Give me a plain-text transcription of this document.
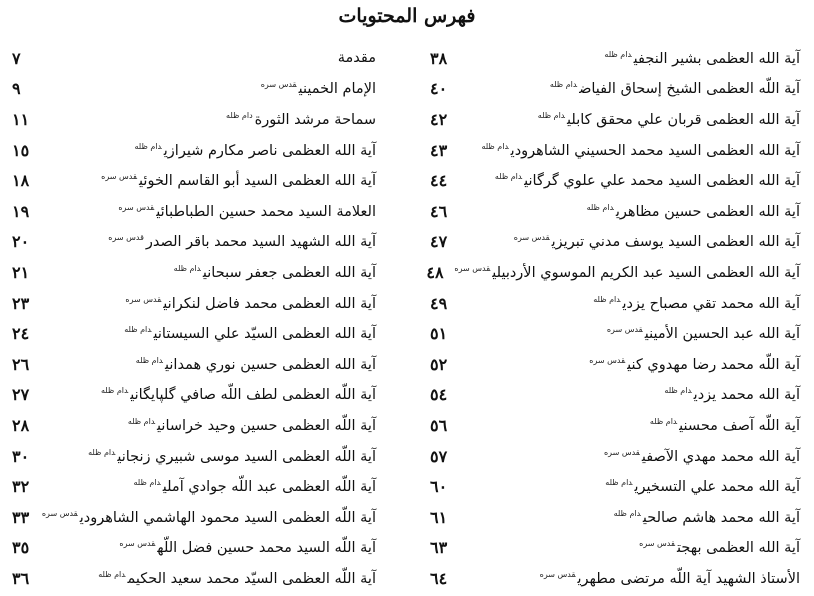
فهرس المحتويات
آية الله العظمى بشير النجفي$^{دام ظله}$
٣٨
آية اللّه العظمى الشيخ إسحاق الفياض$^{دام ظله}$
٤٠
آية الله العظمى قربان علي محقق كابلي$^{دام ظله}$
٤٢
آية الله العظمى السيد محمد الحسيني الشاهرودي$^{دام ظله}$
٤٣
آية الله العظمى السيد محمد علي علوي گرگاني$^{دام ظله}$
٤٤
آية الله العظمى حسين مظاهري$^{دام ظله}$
٤٦
آية الله العظمى السيد يوسف مدني تبريزي$^{قدس سره}$
٤٧
آية الله العظمى السيد عبد الكريم الموسوي الأردبيلي$^{قدس سره}$
٤٨
آية الله محمد تقي مصباح يزدي$^{دام ظله}$
٤٩
آية الله عبد الحسين الأميني$^{قدس سره}$
٥١
آية اللّه محمد رضا مهدوي كني$^{قدس سره}$
٥٢
آية الله محمد يزدي$^{دام ظله}$
٥٤
آية اللّه آصف محسني$^{دام ظله}$
٥٦
آية الله محمد مهدي الآصفي$^{قدس سره}$
٥٧
آية الله محمد علي التسخيري$^{دام ظله}$
٦٠
آية الله محمد هاشم صالحي$^{دام ظله}$
٦١
آية الله العظمى بهجت$^{قدس سره}$
٦٣
الأستاذ الشهيد آية اللّه مرتضى مطهري$^{قدس سره}$
٦٤
مقدمة
٧
الإمام الخميني$^{قدس سره}$
٩
سماحة مرشد الثورة$^{دام ظله}$
١١
آية الله العظمى ناصر مكارم شيرازي$^{دام ظله}$
١٥
آية الله العظمى السيد أبو القاسم الخوئي$^{قدس سره}$
١٨
العلامة السيد محمد حسين الطباطبائي$^{قدس سره}$
١٩
آية الله الشهيد السيد محمد باقر الصدر$^{قدس سره}$
٢٠
آية الله العظمى جعفر سبحاني$^{دام ظله}$
٢١
آية الله العظمى محمد فاضل لنكراني$^{قدس سره}$
٢٣
آية الله العظمى السيّد علي السيستاني$^{دام ظله}$
٢٤
آية الله العظمى حسين نوري همداني$^{دام ظله}$
٢٦
آية اللّه العظمى لطف اللّه صافي گلپايگاني$^{دام ظله}$
٢٧
آية اللّه العظمى حسين وحيد خراساني$^{دام ظله}$
٢٨
آية اللّه العظمى السيد موسى شبيري زنجاني$^{دام ظله}$
٣٠
آية اللّه العظمى عبد اللّه جوادي آملي$^{دام ظله}$
٣٢
آية اللّه العظمى السيد محمود الهاشمي الشاهرودي$^{قدس سره}$
٣٣
آية اللّه السيد محمد حسين فضل اللّه$^{قدس سره}$
٣٥
آية اللّه العظمى السيّد محمد سعيد الحكيم$^{دام ظله}$
٣٦
